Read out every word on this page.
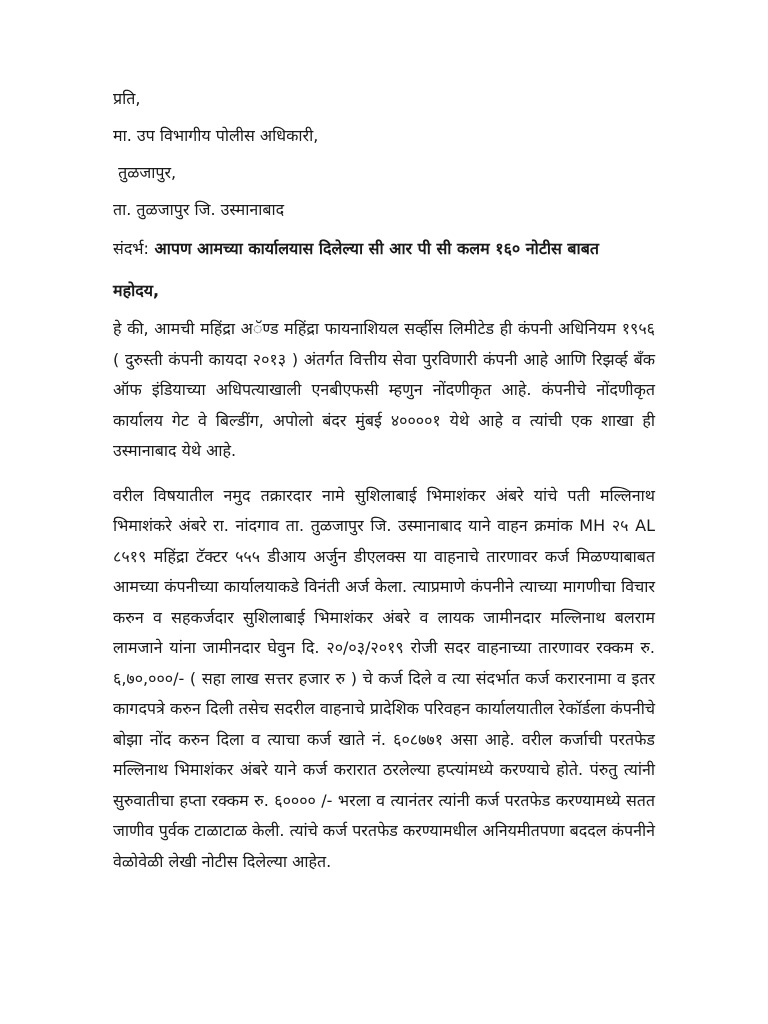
प्रति,

मा. उप विभागीय पोलीस अधिकारी,

तुळजापुर,

ता. तुळजापुर जि. उस्मानाबाद

संदर्भ: आपण आमच्या कार्यालयास दिलेल्या सी आर पी सी कलम १६० नोटीस बाबत

महोदय,

हे की, आमची महिंद्रा अॅण्ड महिंद्रा फायनाशियल सर्व्हीस लिमीटेड ही कंपनी अधिनियम १९५६ ( दुरुस्ती कंपनी कायदा २०१३ ) अंतर्गत वित्तीय सेवा पुरविणारी कंपनी आहे आणि रिझर्व्ह बँक ऑफ इंडियाच्या अधिपत्याखाली एनबीएफसी म्हणुन नोंदणीकृत आहे. कंपनीचे नोंदणीकृत कार्यालय गेट वे बिल्डींग, अपोलो बंदर मुंबई ४००००१ येथे आहे व त्यांची एक शाखा ही उस्मानाबाद येथे आहे.

वरील विषयातील नमुद तक्रारदार नामे सुशिलाबाई भिमाशंकर अंबरे यांचे पती मल्लिनाथ भिमाशंकरे अंबरे रा. नांदगाव ता. तुळजापुर जि. उस्मानाबाद याने वाहन क्रमांक MH २५ AL ८५१९ महिंद्रा टॅक्टर ५५५ डीआय अर्जुन डीएलक्स या वाहनाचे तारणावर कर्ज मिळण्याबाबत आमच्या कंपनीच्या कार्यालयाकडे विनंती अर्ज केला. त्याप्रमाणे कंपनीने त्याच्या मागणीचा विचार करुन व सहकर्जदार सुशिलाबाई भिमाशंकर अंबरे व लायक जामीनदार मल्लिनाथ बलराम लामजाने यांना जामीनदार घेवुन दि. २०/०३/२०१९ रोजी सदर वाहनाच्या तारणावर रक्कम रु. ६,७०,०००/- ( सहा लाख सत्तर हजार रु ) चे कर्ज दिले व त्या संदर्भात कर्ज करारनामा व इतर कागदपत्रे करुन दिली तसेच सदरील वाहनाचे प्रादेशिक परिवहन कार्यालयातील रेकॉर्डला कंपनीचे बोझा नोंद करुन दिला व त्याचा कर्ज खाते नं. ६०८७७१ असा आहे. वरील कर्जाची परतफेड मल्लिनाथ भिमाशंकर अंबरे याने कर्ज करारात ठरलेल्या हप्त्यांमध्ये करण्याचे होते. पंरुतु त्यांनी सुरुवातीचा हप्ता रक्कम रु. ६०००० /- भरला व त्यानंतर त्यांनी कर्ज परतफेड करण्यामध्ये सतत जाणीव पुर्वक टाळाटाळ केली. त्यांचे कर्ज परतफेड करण्यामधील अनियमीतपणा बददल कंपनीने वेळोवेळी लेखी नोटीस दिलेल्या आहेत.
